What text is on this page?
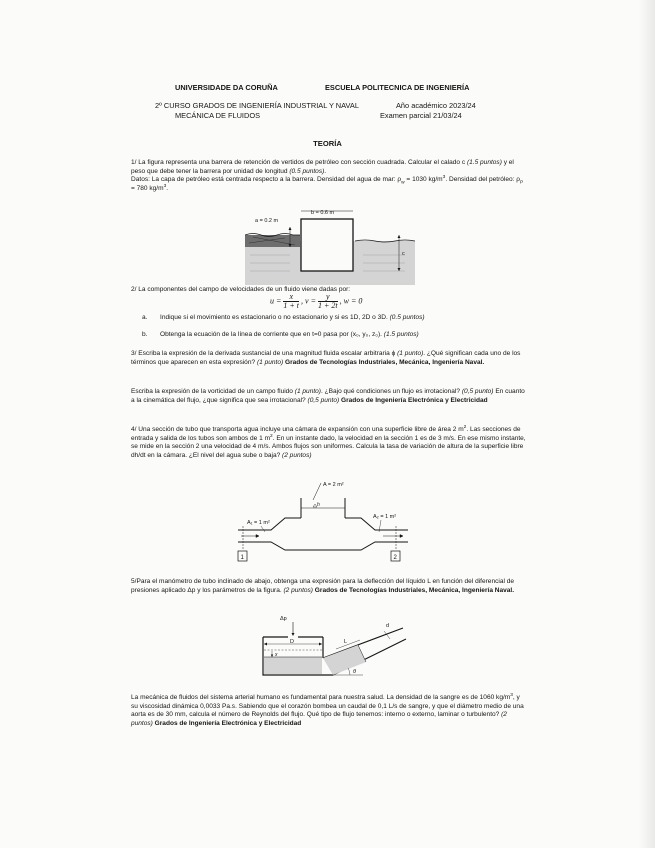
UNIVERSIDADE DA CORUÑA	ESCUELA POLITECNICA DE INGENIERÍA
2º CURSO GRADOS DE INGENIERÍA INDUSTRIAL Y NAVAL	Año académico 2023/24
MECÁNICA DE FLUIDOS	Examen parcial 21/03/24
TEORÍA
1/ La figura representa una barrera de retención de vertidos de petróleo con sección cuadrada. Calcular el calado c (1.5 puntos) y el peso que debe tener la barrera por unidad de longitud (0.5 puntos).
Datos: La capa de petróleo está centrada respecto a la barrera. Densidad del agua de mar: $\rho_w = 1030$ $kg/m^3$. Densidad del petróleo: $\rho_P = 780$ $kg/m^3$.
b = 0.6 m
a = 0.2 m
c
2/ La componentes del campo de velocidades de un fluido viene dadas por:
$u = \frac{x}{1 + t}$ , $v = \frac{y}{1 + 2t}$ , w = 0
a. Indique si el movimiento es estacionario o no estacionario y si es 1D, 2D o 3D. (0.5 puntos)
b. Obtenga la ecuación de la línea de corriente que en t=0 pasa por (x₀, y₀, z₀). (1.5 puntos)
3/ Escriba la expresión de la derivada sustancial de una magnitud fluida escalar arbitraria ϕ (1 punto). ¿Qué significan cada uno de los términos que aparecen en esta expresión? (1 punto) Grados de Tecnologías Industriales, Mecánica, Ingeniería Naval.
Escriba la expresión de la vorticidad de un campo fluido (1 punto). ¿Bajo qué condiciones un flujo es irrotacional? (0,5 punto) En cuanto a la cinemática del flujo, ¿que significa que sea irrotacional? (0,5 punto) Grados de Ingeniería Electrónica y Electricidad
4/ Una sección de tubo que transporta agua incluye una cámara de expansión con una superficie libre de área 2 $m^2$. Las secciones de entrada y salida de los tubos son ambos de 1 $m^2$. En un instante dado, la velocidad en la sección 1 es de 3 m/s. En ese mismo instante, se mide en la sección 2 una velocidad de 4 m/s. Ambos flujos son uniformes. Calcula la tasa de variación de altura de la superficie libre dh/dt en la cámara. ¿El nivel del agua sube o baja? (2 puntos)
A = 2 m²
h
A₁ = 1 m²
A₂ = 1 m²
1	2
5/Para el manómetro de tubo inclinado de abajo, obtenga una expresión para la deflección del líquido L en función del diferencial de presiones aplicado Δp y los parámetros de la figura. (2 puntos) Grados de Tecnologías Industriales, Mecánica, Ingeniería Naval.
Δp
D
x
L
d
θ
La mecánica de fluidos del sistema arterial humano es fundamental para nuestra salud. La densidad de la sangre es de 1060 $kg/m^3$, y su viscosidad dinámica 0,0033 Pa.s. Sabiendo que el corazón bombea un caudal de 0,1 L/s de sangre, y que el diámetro medio de una aorta es de 30 mm, calcula el número de Reynolds del flujo. Qué tipo de flujo tenemos: interno o externo, laminar o turbulento? (2 puntos) Grados de Ingeniería Electrónica y Electricidad
